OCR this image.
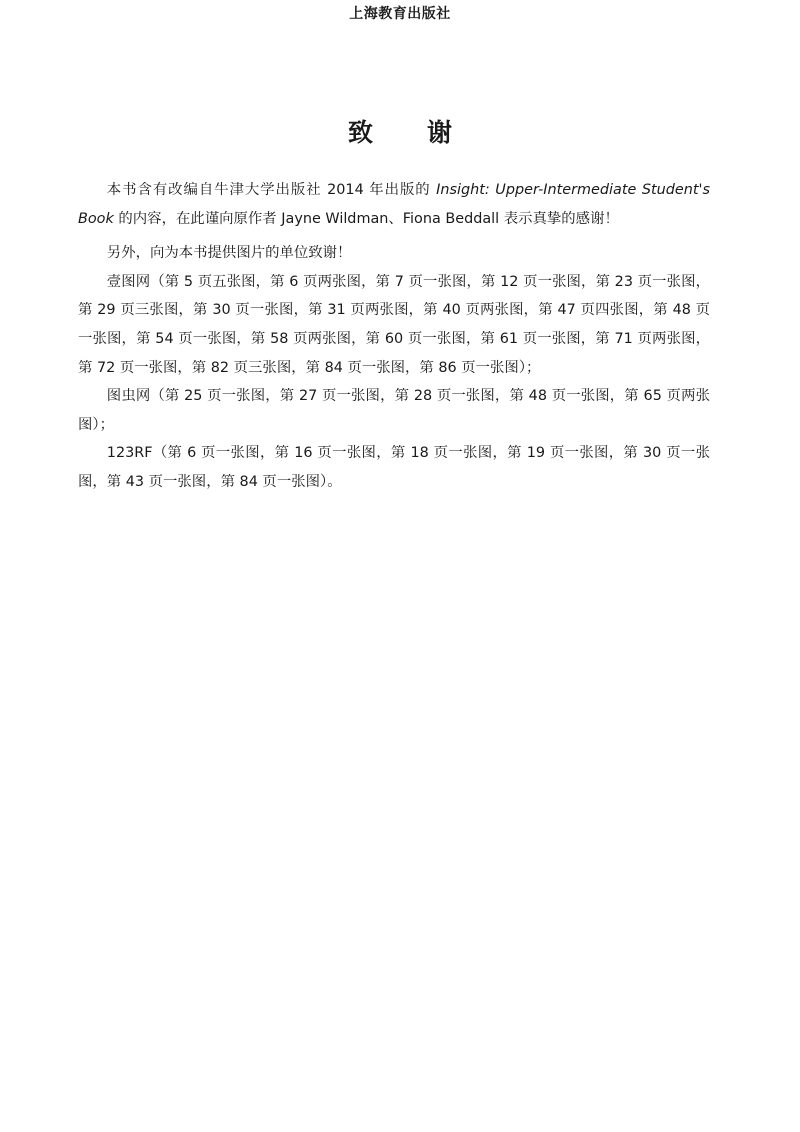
上海教育出版社
致 谢

本书含有改编自牛津大学出版社 2014 年出版的 Insight: Upper-Intermediate Student's Book 的内容，在此谨向原作者 Jayne Wildman、Fiona Beddall 表示真挚的感谢！

另外，向为本书提供图片的单位致谢！

壹图网（第 5 页五张图，第 6 页两张图，第 7 页一张图，第 12 页一张图，第 23 页一张图，第 29 页三张图，第 30 页一张图，第 31 页两张图，第 40 页两张图，第 47 页四张图，第 48 页一张图，第 54 页一张图，第 58 页两张图，第 60 页一张图，第 61 页一张图，第 71 页两张图，第 72 页一张图，第 82 页三张图，第 84 页一张图，第 86 页一张图）；

图虫网（第 25 页一张图，第 27 页一张图，第 28 页一张图，第 48 页一张图，第 65 页两张图）；

123RF（第 6 页一张图，第 16 页一张图，第 18 页一张图，第 19 页一张图，第 30 页一张图，第 43 页一张图，第 84 页一张图）。
